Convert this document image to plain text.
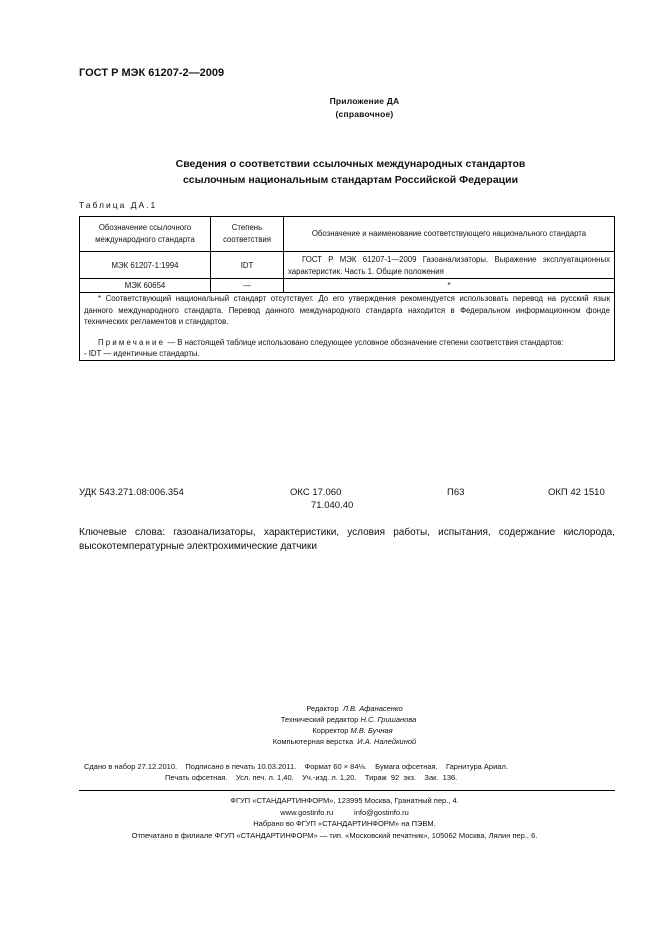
ГОСТ Р МЭК 61207-2—2009
Приложение ДА
(справочное)
Сведения о соответствии ссылочных международных стандартов
ссылочным национальным стандартам Российской Федерации
Таблица ДА.1
Обозначение ссылочного международного стандарта	Степень соответствия	Обозначение и наименование соответствующего национального стандарта
МЭК 61207-1:1994	IDT	ГОСТ Р МЭК 61207-1—2009 Газоанализаторы. Выражение эксплуатационных характеристик. Часть 1. Общие положения
МЭК 60654	—	*

* Соответствующий национальный стандарт отсутствует. До его утверждения рекомендуется использовать перевод на русский язык данного международного стандарта. Перевод данного международного стандарта находится в Федеральном информационном фонде технических регламентов и стандартов.

Примечание — В настоящей таблице использовано следующее условное обозначение степени соответствия стандартов:

- IDT — идентичные стандарты.		

УДК 543.271.08:006.354	ОКС 17.060
71.040.40
П63	ОКП 42 1510
Ключевые слова: газоанализаторы, характеристики, условия работы, испытания, содержание кислорода, высокотемпературные электрохимические датчики
Редактор Л.В. Афанасенко
Технический редактор Н.С. Гришанова
Корректор М.В. Бучная
Компьютерная верстка И.А. Налейкиной
Сдано в набор 27.12.2010.    Подписано в печать 10.03.2011.    Формат 60 × 84⅛.    Бумага офсетная.    Гарнитура Ариал.
Печать офсетная.    Усл. печ. л. 1,40.    Уч.-изд. л. 1,20.    Тираж  92  экз.    Зак.  136.
ФГУП «СТАНДАРТИНФОРМ», 123995 Москва, Гранатный пер., 4.
www.gostinfo.ru	info@gostinfo.ru
Набрано во ФГУП «СТАНДАРТИНФОРМ» на ПЭВМ.
Отпечатано в филиале ФГУП «СТАНДАРТИНФОРМ» — тип. «Московский печатник», 105062 Москва, Лялин пер., 6.
